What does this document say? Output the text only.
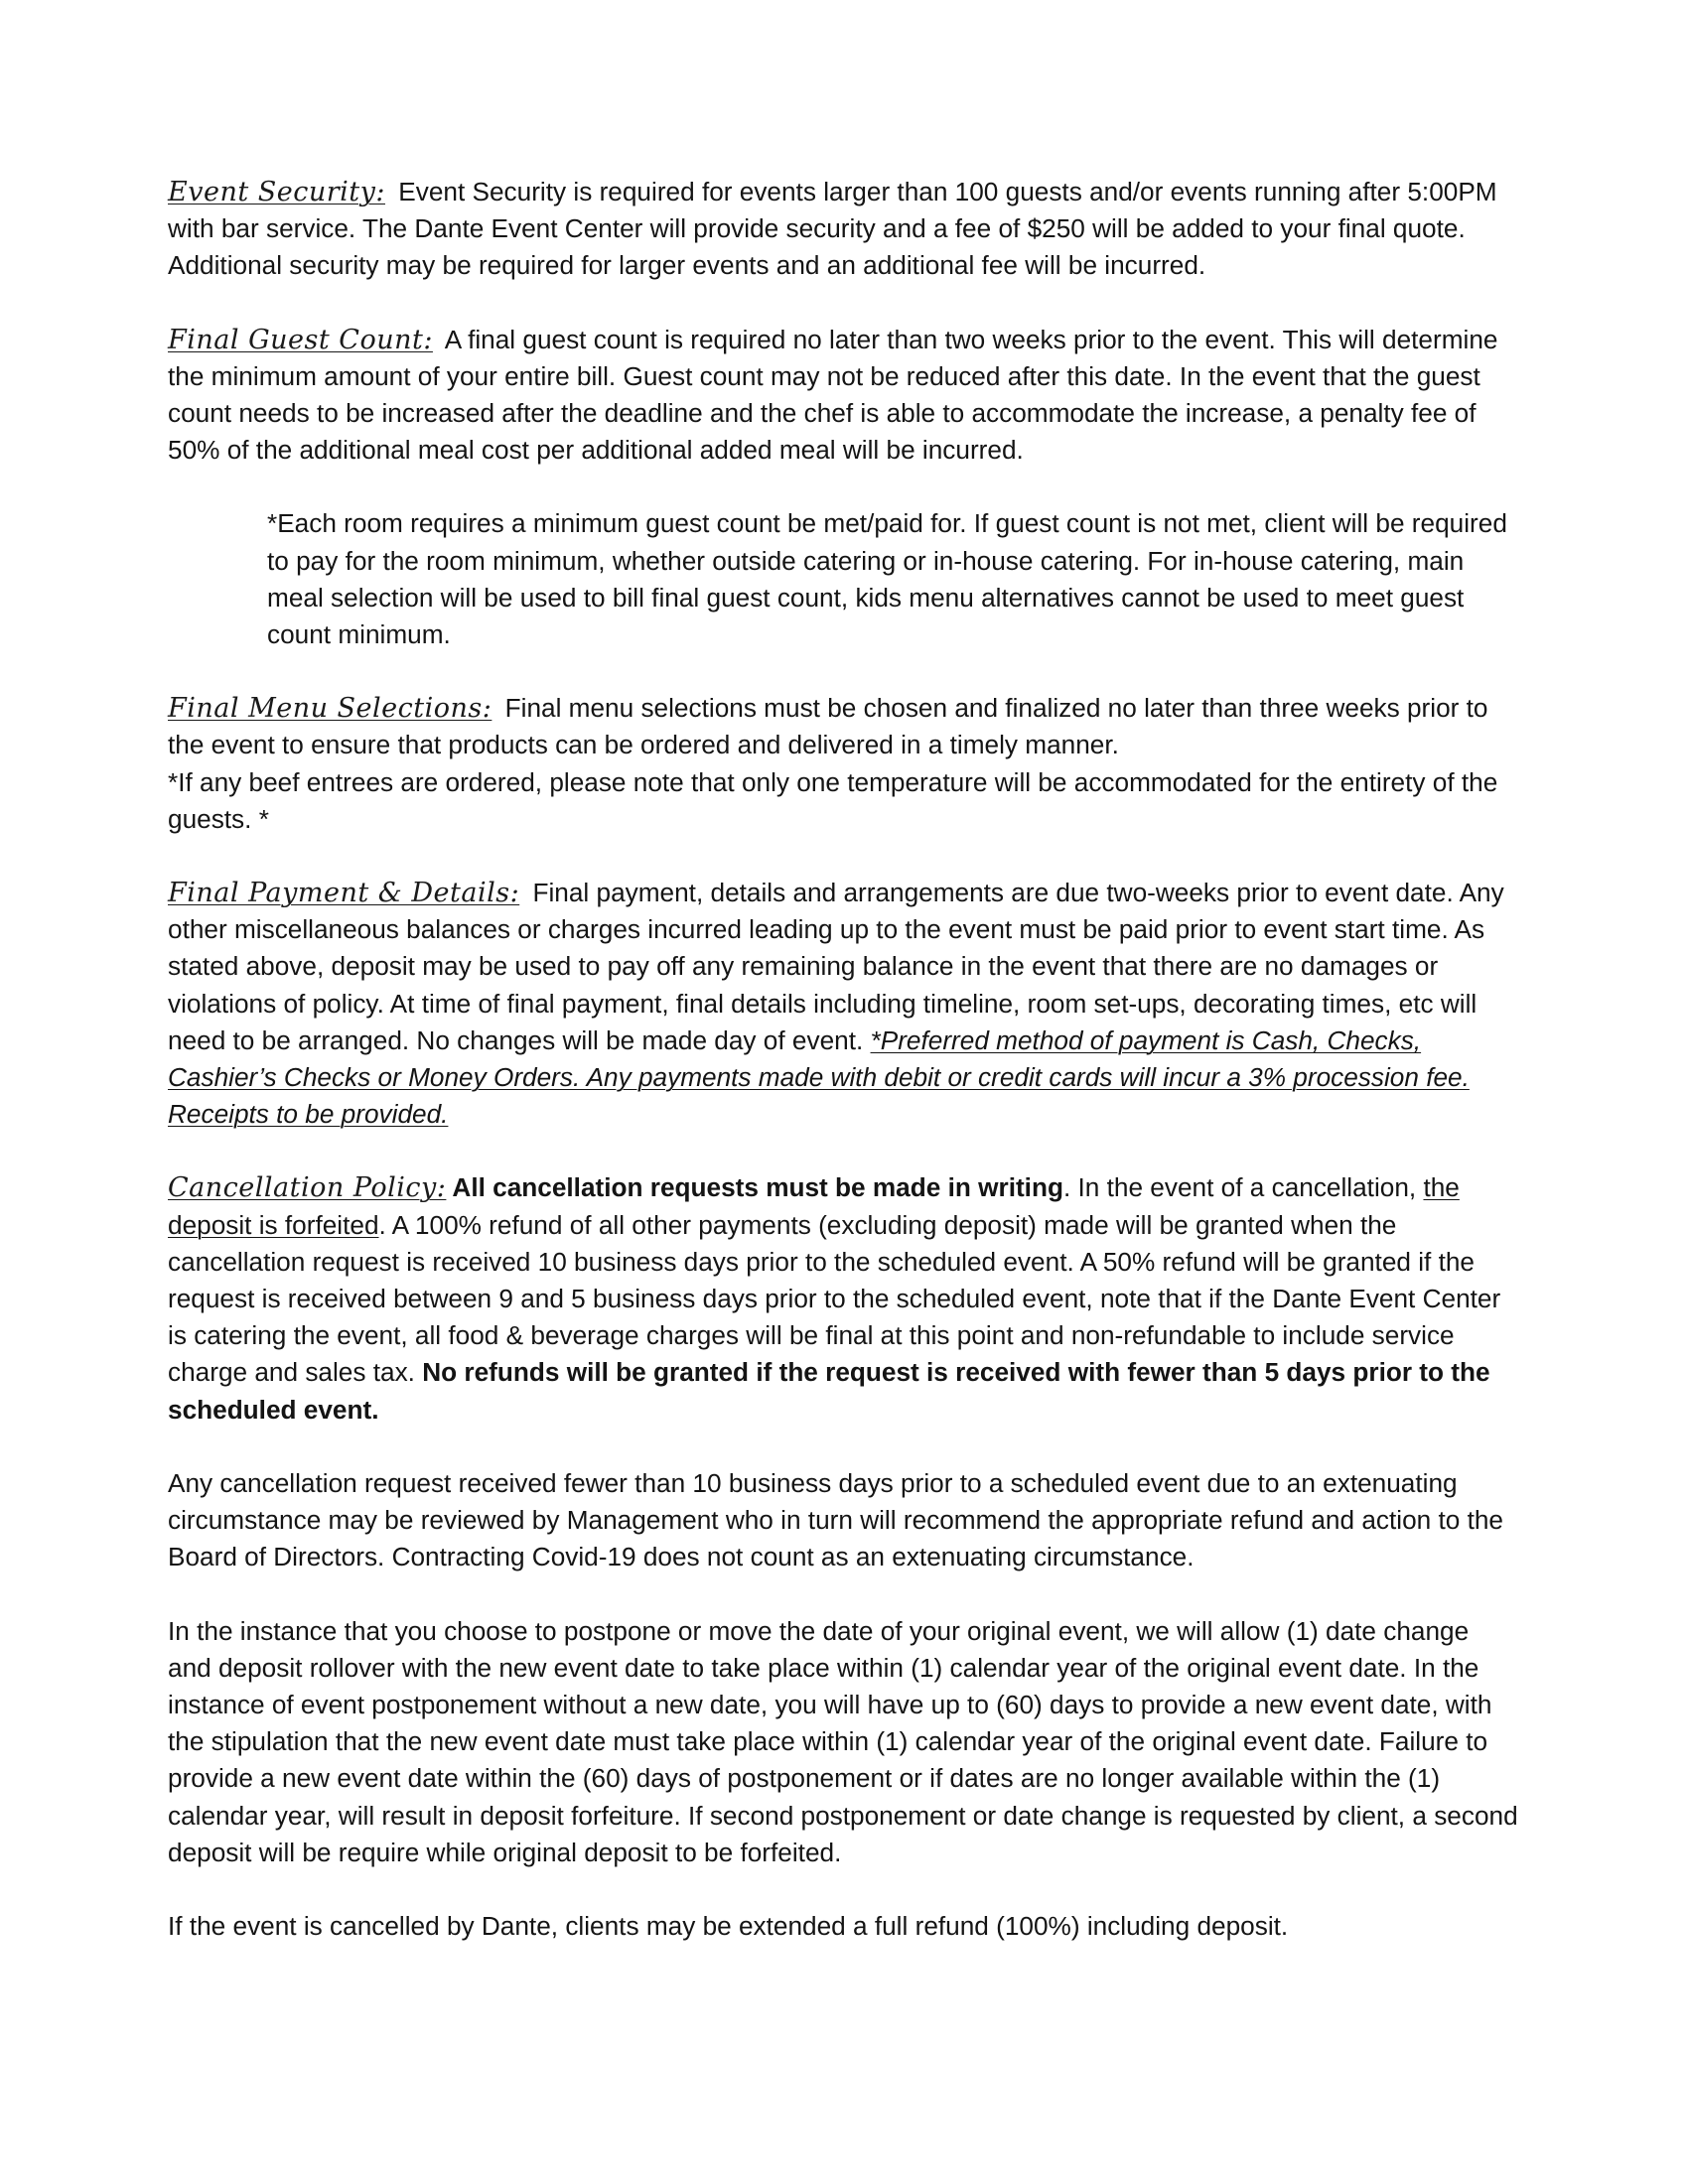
Event Security: Event Security is required for events larger than 100 guests and/or events running after 5:00PM with bar service. The Dante Event Center will provide security and a fee of $250 will be added to your final quote. Additional security may be required for larger events and an additional fee will be incurred.

Final Guest Count: A final guest count is required no later than two weeks prior to the event. This will determine the minimum amount of your entire bill. Guest count may not be reduced after this date. In the event that the guest count needs to be increased after the deadline and the chef is able to accommodate the increase, a penalty fee of 50% of the additional meal cost per additional added meal will be incurred.

*Each room requires a minimum guest count be met/paid for. If guest count is not met, client will be required to pay for the room minimum, whether outside catering or in-house catering. For in-house catering, main meal selection will be used to bill final guest count, kids menu alternatives cannot be used to meet guest count minimum.

Final Menu Selections: Final menu selections must be chosen and finalized no later than three weeks prior to the event to ensure that products can be ordered and delivered in a timely manner.
*If any beef entrees are ordered, please note that only one temperature will be accommodated for the entirety of the guests. *

Final Payment & Details: Final payment, details and arrangements are due two-weeks prior to event date. Any other miscellaneous balances or charges incurred leading up to the event must be paid prior to event start time. As stated above, deposit may be used to pay off any remaining balance in the event that there are no damages or violations of policy. At time of final payment, final details including timeline, room set-ups, decorating times, etc will need to be arranged. No changes will be made day of event. *Preferred method of payment is Cash, Checks, Cashier’s Checks or Money Orders. Any payments made with debit or credit cards will incur a 3% procession fee. Receipts to be provided.

Cancellation Policy: All cancellation requests must be made in writing. In the event of a cancellation, the deposit is forfeited. A 100% refund of all other payments (excluding deposit) made will be granted when the cancellation request is received 10 business days prior to the scheduled event. A 50% refund will be granted if the request is received between 9 and 5 business days prior to the scheduled event, note that if the Dante Event Center is catering the event, all food & beverage charges will be final at this point and non-refundable to include service charge and sales tax. No refunds will be granted if the request is received with fewer than 5 days prior to the scheduled event.

Any cancellation request received fewer than 10 business days prior to a scheduled event due to an extenuating circumstance may be reviewed by Management who in turn will recommend the appropriate refund and action to the Board of Directors. Contracting Covid-19 does not count as an extenuating circumstance.

In the instance that you choose to postpone or move the date of your original event, we will allow (1) date change and deposit rollover with the new event date to take place within (1) calendar year of the original event date. In the instance of event postponement without a new date, you will have up to (60) days to provide a new event date, with the stipulation that the new event date must take place within (1) calendar year of the original event date. Failure to provide a new event date within the (60) days of postponement or if dates are no longer available within the (1) calendar year, will result in deposit forfeiture. If second postponement or date change is requested by client, a second deposit will be require while original deposit to be forfeited.

If the event is cancelled by Dante, clients may be extended a full refund (100%) including deposit.
